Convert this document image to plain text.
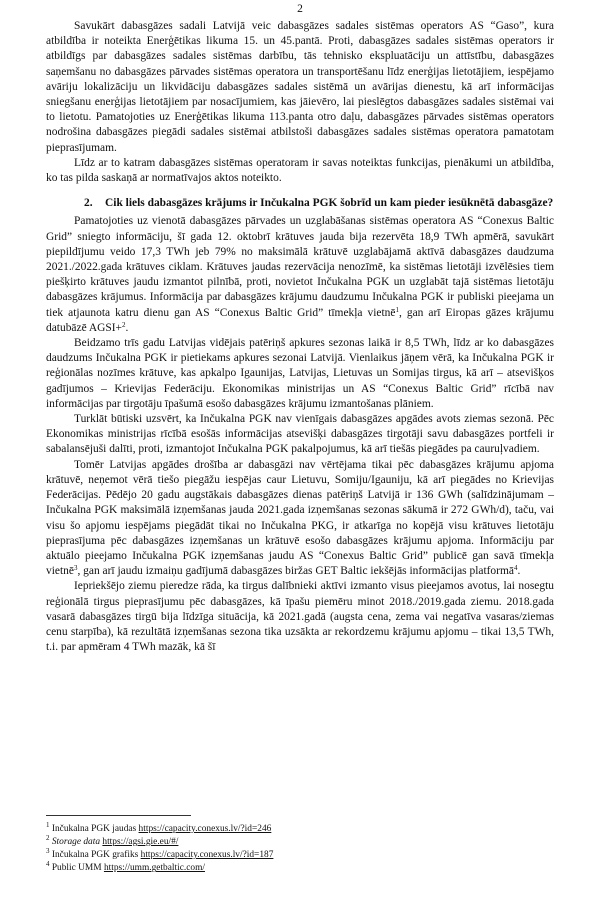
2

Savukārt dabasgāzes sadali Latvijā veic dabasgāzes sadales sistēmas operators AS “Gaso”, kura atbildība ir noteikta Enerģētikas likuma 15. un 45.pantā. Proti, dabasgāzes sadales sistēmas operators ir atbildīgs par dabasgāzes sadales sistēmas darbību, tās tehnisko ekspluatāciju un attīstību, dabasgāzes saņemšanu no dabasgāzes pārvades sistēmas operatora un transportēšanu līdz enerģijas lietotājiem, iespējamo avāriju lokalizāciju un likvidāciju dabasgāzes sadales sistēmā un avārijas dienestu, kā arī informācijas sniegšanu enerģijas lietotājiem par nosacījumiem, kas jāievēro, lai pieslēgtos dabasgāzes sadales sistēmai vai to lietotu. Pamatojoties uz Enerģētikas likuma 113.panta otro daļu, dabasgāzes pārvades sistēmas operators nodrošina dabasgāzes piegādi sadales sistēmai atbilstoši dabasgāzes sadales sistēmas operatora pamatotam pieprasījumam.

Līdz ar to katram dabasgāzes sistēmas operatoram ir savas noteiktas funkcijas, pienākumi un atbildība, ko tas pilda saskaņā ar normatīvajos aktos noteikto.

2.	Cik liels dabasgāzes krājums ir Inčukalna PGK šobrīd un kam pieder iesūknētā dabasgāze?

Pamatojoties uz vienotā dabasgāzes pārvades un uzglabāšanas sistēmas operatora AS “Conexus Baltic Grid” sniegto informāciju, šī gada 12. oktobrī krātuves jauda bija rezervēta 18,9 TWh apmērā, savukārt piepildījumu veido 17,3 TWh jeb 79% no maksimālā krātuvē uzglabājamā aktīvā dabasgāzes daudzuma 2021./2022.gada krātuves ciklam. Krātuves jaudas rezervācija nenozīmē, ka sistēmas lietotāji izvēlēsies tiem piešķirto krātuves jaudu izmantot pilnībā, proti, novietot Inčukalna PGK un uzglabāt tajā sistēmas lietotāju dabasgāzes krājumus. Informācija par dabasgāzes krājumu daudzumu Inčukalna PGK ir publiski pieejama un tiek atjaunota katru dienu gan AS “Conexus Baltic Grid” tīmekļa vietnē$^1$, gan arī Eiropas gāzes krājumu datubāzē AGSI+$^2$.

Beidzamo trīs gadu Latvijas vidējais patēriņš apkures sezonas laikā ir 8,5 TWh, līdz ar ko dabasgāzes daudzums Inčukalna PGK ir pietiekams apkures sezonai Latvijā. Vienlaikus jāņem vērā, ka Inčukalna PGK ir reģionālas nozīmes krātuve, kas apkalpo Igaunijas, Latvijas, Lietuvas un Somijas tirgus, kā arī – atsevišķos gadījumos – Krievijas Federāciju. Ekonomikas ministrijas un AS “Conexus Baltic Grid” rīcībā nav informācijas par tirgotāju īpašumā esošo dabasgāzes krājumu izmantošanas plāniem.

Turklāt būtiski uzsvērt, ka Inčukalna PGK nav vienīgais dabasgāzes apgādes avots ziemas sezonā. Pēc Ekonomikas ministrijas rīcībā esošās informācijas atsevišķi dabasgāzes tirgotāji savu dabasgāzes portfeli ir sabalansējuši dalīti, proti, izmantojot Inčukalna PGK pakalpojumus, kā arī tiešās piegādes pa cauruļvadiem.

Tomēr Latvijas apgādes drošība ar dabasgāzi nav vērtējama tikai pēc dabasgāzes krājumu apjoma krātuvē, neņemot vērā tiešo piegāžu iespējas caur Lietuvu, Somiju/Igauniju, kā arī piegādes no Krievijas Federācijas. Pēdējo 20 gadu augstākais dabasgāzes dienas patēriņš Latvijā ir 136 GWh (salīdzinājumam – Inčukalna PGK maksimālā izņemšanas jauda 2021.gada izņemšanas sezonas sākumā ir 272 GWh/d), taču, vai visu šo apjomu iespējams piegādāt tikai no Inčukalna PKG, ir atkarīga no kopējā visu krātuves lietotāju pieprasījuma pēc dabasgāzes izņemšanas un krātuvē esošo dabasgāzes krājumu apjoma. Informāciju par aktuālo pieejamo Inčukalna PGK izņemšanas jaudu AS “Conexus Baltic Grid” publicē gan savā tīmekļa vietnē$^3$, gan arī jaudu izmaiņu gadījumā dabasgāzes biržas GET Baltic iekšējās informācijas platformā$^4$.

Iepriekšējo ziemu pieredze rāda, ka tirgus dalībnieki aktīvi izmanto visus pieejamos avotus, lai nosegtu reģionālā tirgus pieprasījumu pēc dabasgāzes, kā īpašu piemēru minot 2018./2019.gada ziemu. 2018.gada vasarā dabasgāzes tirgū bija līdzīga situācija, kā 2021.gadā (augsta cena, zema vai negatīva vasaras/ziemas cenu starpība), kā rezultātā izņemšanas sezona tika uzsākta ar rekordzemu krājumu apjomu – tikai 13,5 TWh, t.i. par apmēram 4 TWh mazāk, kā šī

$^1$ Inčukalna PGK jaudas https://capacity.conexus.lv/?id=246

$^2$ Storage data https://agsi.gie.eu/#/

$^3$ Inčukalna PGK grafiks https://capacity.conexus.lv/?id=187

$^4$ Public UMM https://umm.getbaltic.com/
